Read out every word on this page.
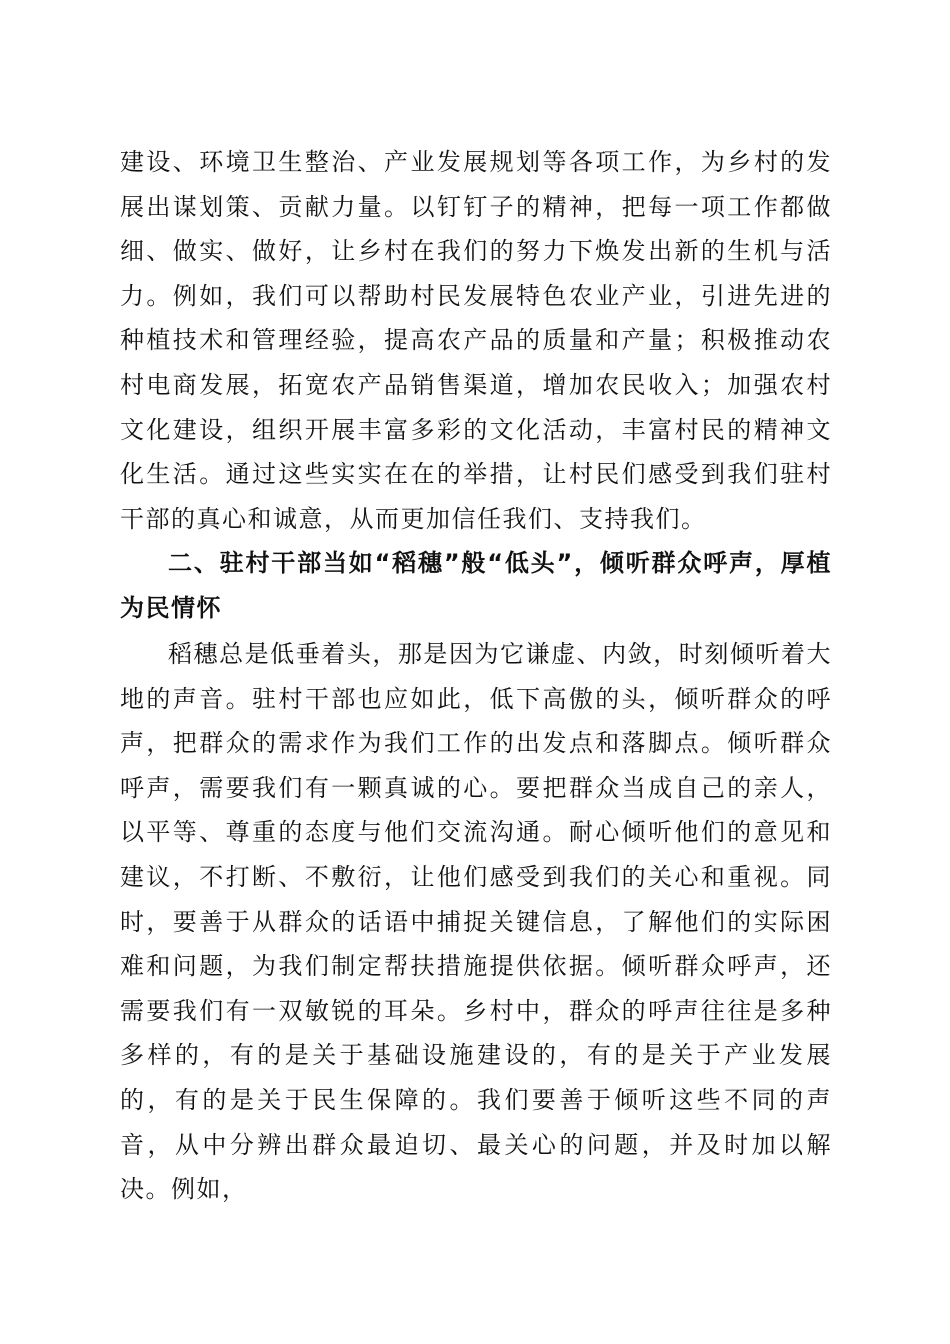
建设、环境卫生整治、产业发展规划等各项工作，为乡村的发展出谋划策、贡献力量。以钉钉子的精神，把每一项工作都做细、做实、做好，让乡村在我们的努力下焕发出新的生机与活力。例如，我们可以帮助村民发展特色农业产业，引进先进的种植技术和管理经验，提高农产品的质量和产量；积极推动农村电商发展，拓宽农产品销售渠道，增加农民收入；加强农村文化建设，组织开展丰富多彩的文化活动，丰富村民的精神文化生活。通过这些实实在在的举措，让村民们感受到我们驻村干部的真心和诚意，从而更加信任我们、支持我们。

二、驻村干部当如“稻穗”般“低头”，倾听群众呼声，厚植为民情怀

稻穗总是低垂着头，那是因为它谦虚、内敛，时刻倾听着大地的声音。驻村干部也应如此，低下高傲的头，倾听群众的呼声，把群众的需求作为我们工作的出发点和落脚点。倾听群众呼声，需要我们有一颗真诚的心。要把群众当成自己的亲人，以平等、尊重的态度与他们交流沟通。耐心倾听他们的意见和建议，不打断、不敷衍，让他们感受到我们的关心和重视。同时，要善于从群众的话语中捕捉关键信息，了解他们的实际困难和问题，为我们制定帮扶措施提供依据。倾听群众呼声，还需要我们有一双敏锐的耳朵。乡村中，群众的呼声往往是多种多样的，有的是关于基础设施建设的，有的是关于产业发展的，有的是关于民生保障的。我们要善于倾听这些不同的声音，从中分辨出群众最迫切、最关心的问题，并及时加以解决。例如，
